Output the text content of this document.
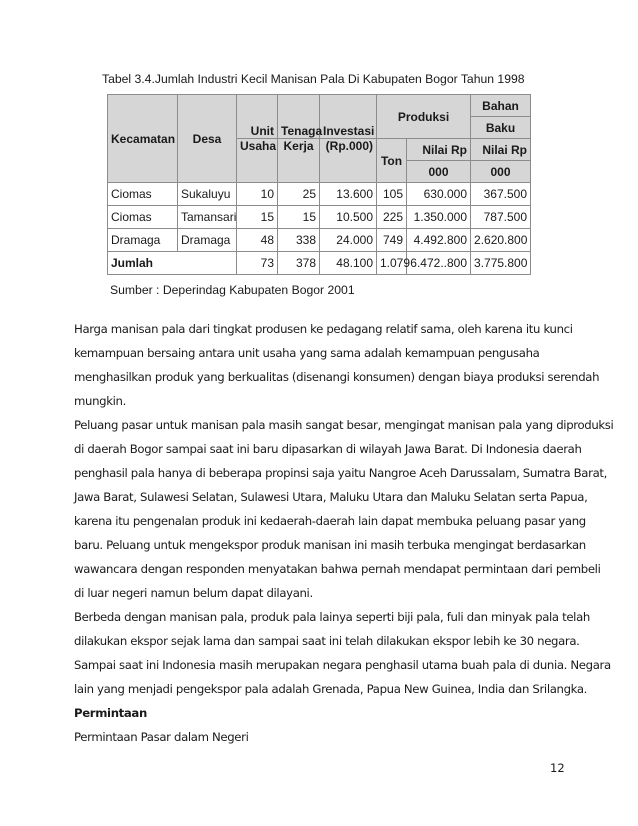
Tabel 3.4.Jumlah Industri Kecil Manisan Pala Di Kabupaten Bogor Tahun 1998
Kecamatan	Desa	Unit	Tenaga	Investasi	Produksi		Bahan
							Baku
		Usaha	Kerja	(Rp.000)	Ton	Nilai Rp	Nilai Rp
						000	000
Ciomas	Sukaluyu	10	25	13.600	105	630.000	367.500
Ciomas	Tamansari	15	15	10.500	225	1.350.000	787.500
Dramaga	Dramaga	48	338	24.000	749	4.492.800	2.620.800
Jumlah		73	378	48.100	1.079	6.472..800	3.775.800
Sumber : Deperindag Kabupaten Bogor 2001
Harga manisan pala dari tingkat produsen ke pedagang relatif sama, oleh karena itu kunci
kemampuan bersaing antara unit usaha yang sama adalah kemampuan pengusaha
menghasilkan produk yang berkualitas (disenangi konsumen) dengan biaya produksi serendah
mungkin.
Peluang pasar untuk manisan pala masih sangat besar, mengingat manisan pala yang diproduksi
di daerah Bogor sampai saat ini baru dipasarkan di wilayah Jawa Barat. Di Indonesia daerah
penghasil pala hanya di beberapa propinsi saja yaitu Nangroe Aceh Darussalam, Sumatra Barat,
Jawa Barat, Sulawesi Selatan, Sulawesi Utara, Maluku Utara dan Maluku Selatan serta Papua,
karena itu pengenalan produk ini kedaerah-daerah lain dapat membuka peluang pasar yang
baru. Peluang untuk mengekspor produk manisan ini masih terbuka mengingat berdasarkan
wawancara dengan responden menyatakan bahwa pernah mendapat permintaan dari pembeli
di luar negeri namun belum dapat dilayani.
Berbeda dengan manisan pala, produk pala lainya seperti biji pala, fuli dan minyak pala telah
dilakukan ekspor sejak lama dan sampai saat ini telah dilakukan ekspor lebih ke 30 negara.
Sampai saat ini Indonesia masih merupakan negara penghasil utama buah pala di dunia. Negara
lain yang menjadi pengekspor pala adalah Grenada, Papua New Guinea, India dan Srilangka.
Permintaan
Permintaan Pasar dalam Negeri
12
